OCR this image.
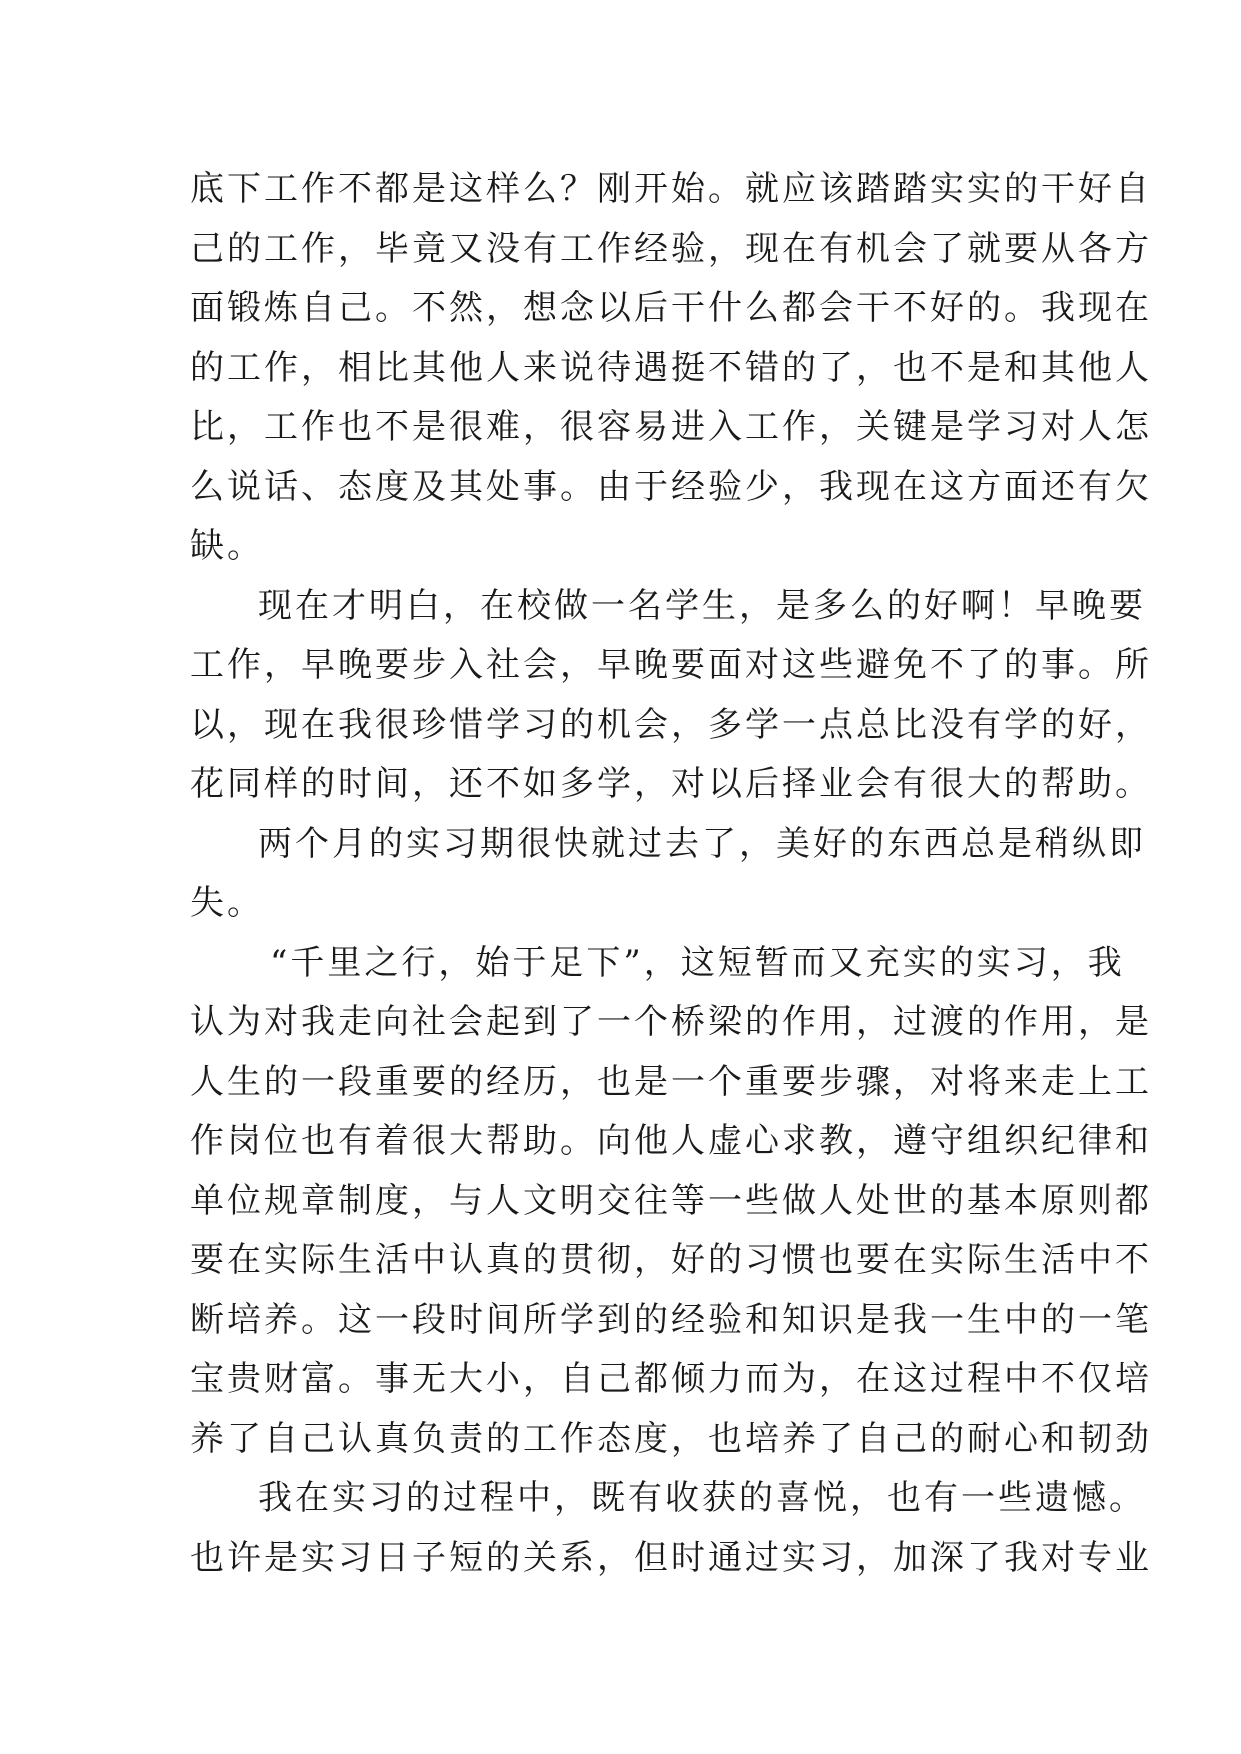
底下工作不都是这样么？刚开始。就应该踏踏实实的干好自
己的工作，毕竟又没有工作经验，现在有机会了就要从各方
面锻炼自己。不然，想念以后干什么都会干不好的。我现在
的工作，相比其他人来说待遇挺不错的了，也不是和其他人
比，工作也不是很难，很容易进入工作，关键是学习对人怎
么说话、态度及其处事。由于经验少，我现在这方面还有欠
缺。
现在才明白，在校做一名学生，是多么的好啊！早晚要
工作，早晚要步入社会，早晚要面对这些避免不了的事。所
以，现在我很珍惜学习的机会，多学一点总比没有学的好，
花同样的时间，还不如多学，对以后择业会有很大的帮助。
两个月的实习期很快就过去了，美好的东西总是稍纵即
失。
“千里之行，始于足下”，这短暂而又充实的实习，我
认为对我走向社会起到了一个桥梁的作用，过渡的作用，是
人生的一段重要的经历，也是一个重要步骤，对将来走上工
作岗位也有着很大帮助。向他人虚心求教，遵守组织纪律和
单位规章制度，与人文明交往等一些做人处世的基本原则都
要在实际生活中认真的贯彻，好的习惯也要在实际生活中不
断培养。这一段时间所学到的经验和知识是我一生中的一笔
宝贵财富。事无大小，自己都倾力而为，在这过程中不仅培
养了自己认真负责的工作态度，也培养了自己的耐心和韧劲
我在实习的过程中，既有收获的喜悦，也有一些遗憾。
也许是实习日子短的关系，但时通过实习，加深了我对专业
